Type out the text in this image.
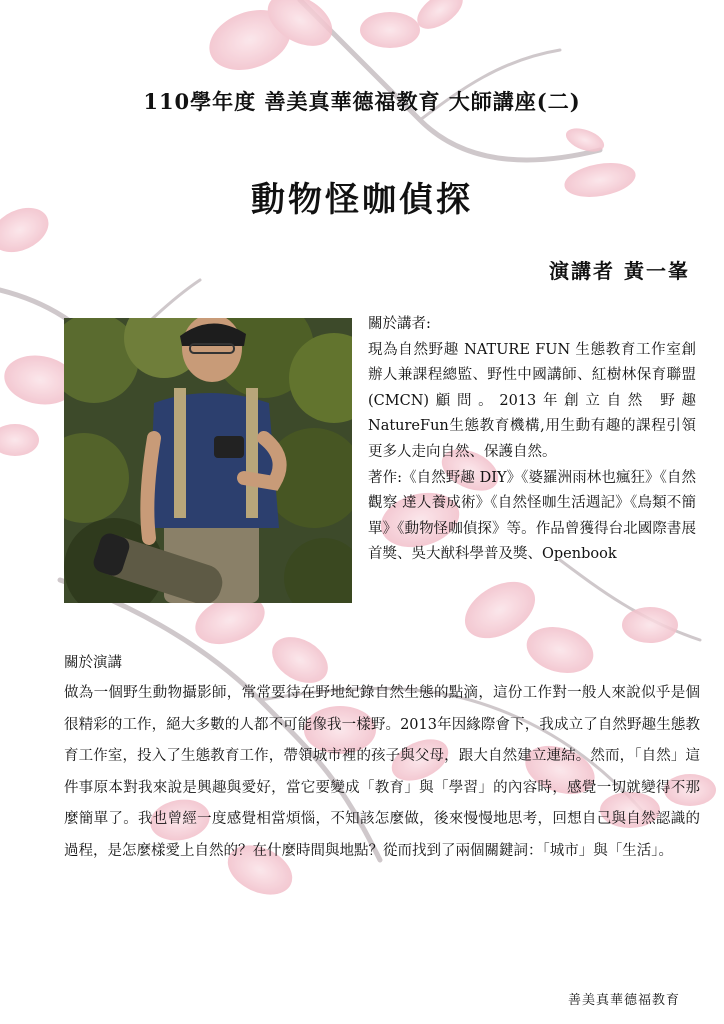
110學年度 善美真華德福教育 大師講座(二)
動物怪咖偵探
演講者 黃一峯

關於講者:

現為自然野趣 NATURE FUN 生態教育工作室創辦人兼課程總監、野性中國講師、紅樹林保育聯盟(CMCN)顧問。2013年創立自然 野趣NatureFun生態教育機構,用生動有趣的課程引領更多人走向自然、保護自然。

著作:《自然野趣 DIY》《婆羅洲雨林也瘋狂》《自然觀察 達人養成術》《自然怪咖生活週記》《鳥類不簡單》《動物怪咖偵探》等。作品曾獲得台北國際書展首獎、吳大猷科學普及獎、Openbook

關於演講

做為一個野生動物攝影師，常常要待在野地紀錄自然生態的點滴，這份工作對一般人來說似乎是個很精彩的工作，絕大多數的人都不可能像我一樣野。2013年因緣際會下，我成立了自然野趣生態教育工作室，投入了生態教育工作，帶領城市裡的孩子與父母，跟大自然建立連結。然而，「自然」這件事原本對我來說是興趣與愛好，當它要變成「教育」與「學習」的內容時，感覺一切就變得不那麼簡單了。我也曾經一度感覺相當煩惱，不知該怎麼做，後來慢慢地思考，回想自己與自然認識的過程，是怎麼樣愛上自然的？在什麼時間與地點？從而找到了兩個關鍵詞：「城市」與「生活」。

善美真華德福教育
